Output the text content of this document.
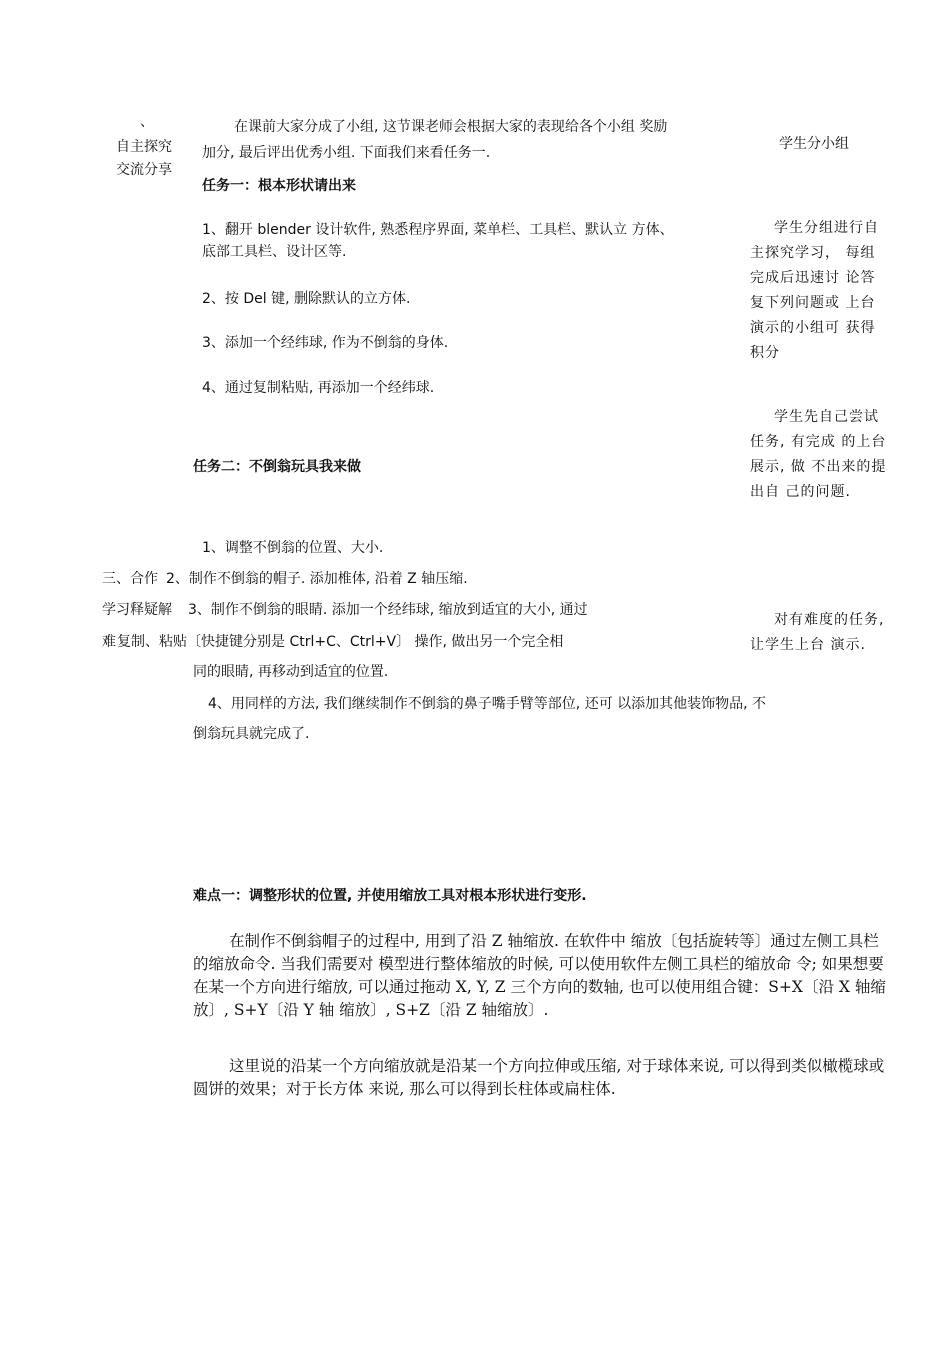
、
自主探究
交流分享
在课前大家分成了小组, 这节课老师会根据大家的表现给各个小组 奖励
加分, 最后评出优秀小组. 下面我们来看任务一.
任务一：根本形状请出来
1、翻开 blender 设计软件, 熟悉程序界面, 菜单栏、工具栏、默认立 方体、
底部工具栏、设计区等.
2、按 Del 键, 删除默认的立方体.
3、添加一个经纬球, 作为不倒翁的身体.
4、通过复制粘贴, 再添加一个经纬球.
任务二：不倒翁玩具我来做
1、调整不倒翁的位置、大小.
三、合作 2、制作不倒翁的帽子. 添加椎体, 沿着 Z 轴压缩.
学习释疑解 3、制作不倒翁的眼睛. 添加一个经纬球, 缩放到适宜的大小, 通过
难 复制、粘贴〔快捷键分别是 Ctrl+C、Ctrl+V〕 操作, 做出另一个完全相
同的眼睛, 再移动到适宜的位置.
4、用同样的方法, 我们继续制作不倒翁的鼻子嘴手臂等部位, 还可 以添加其他装饰物品, 不
倒翁玩具就完成了.
学生分小组
学生分组进行自主探究学习， 每组完成后迅速讨 论答复下列问题或 上台演示的小组可 获得积分
学生先自己尝试任务, 有完成 的上台展示, 做 不出来的提出自 己的问题.
对有难度的任务, 让学生上台 演示.
难点一：调整形状的位置, 并使用缩放工具对根本形状进行变形.
在制作不倒翁帽子的过程中, 用到了沿 Z 轴缩放. 在软件中 缩放〔包括旋转等〕通过左侧工具栏的缩放命令. 当我们需要对 模型进行整体缩放的时候, 可以使用软件左侧工具栏的缩放命 令; 如果想要在某一个方向进行缩放, 可以通过拖动 X, Y, Z 三个方向的数轴, 也可以使用组合键：S+X〔沿 X 轴缩放〕, S+Y〔沿 Y 轴 缩放〕, S+Z〔沿 Z 轴缩放〕.
这里说的沿某一个方向缩放就是沿某一个方向拉伸或压缩, 对于球体来说, 可以得到类似橄榄球或圆饼的效果；对于长方体 来说, 那么可以得到长柱体或扁柱体.
